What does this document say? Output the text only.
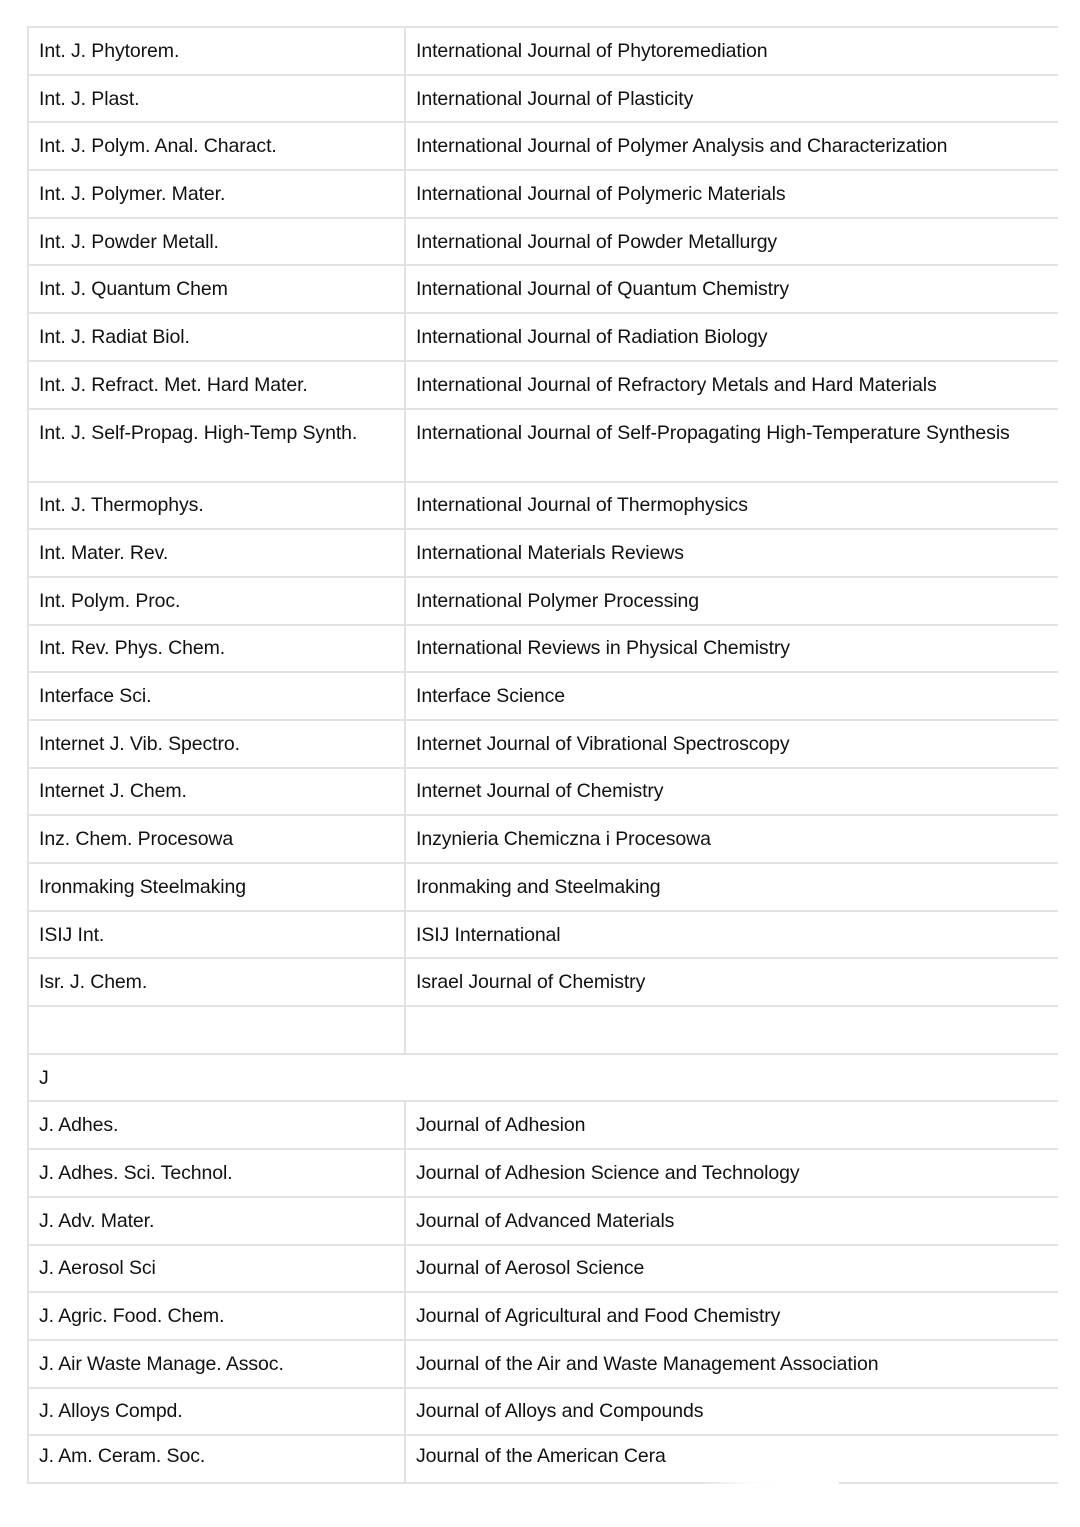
Int. J. Phytorem.	International Journal of Phytoremediation
Int. J. Plast.	International Journal of Plasticity
Int. J. Polym. Anal. Charact.	International Journal of Polymer Analysis and Characterization
Int. J. Polymer. Mater.	International Journal of Polymeric Materials
Int. J. Powder Metall.	International Journal of Powder Metallurgy
Int. J. Quantum Chem	International Journal of Quantum Chemistry
Int. J. Radiat Biol.	International Journal of Radiation Biology
Int. J. Refract. Met. Hard Mater.	International Journal of Refractory Metals and Hard Materials
Int. J. Self-Propag. High-Temp Synth.	International Journal of Self-Propagating High-Temperature Synthesis
Int. J. Thermophys.	International Journal of Thermophysics
Int. Mater. Rev.	International Materials Reviews
Int. Polym. Proc.	International Polymer Processing
Int. Rev. Phys. Chem.	International Reviews in Physical Chemistry
Interface Sci.	Interface Science
Internet J. Vib. Spectro.	Internet Journal of Vibrational Spectroscopy
Internet J. Chem.	Internet Journal of Chemistry
Inz. Chem. Procesowa	Inzynieria Chemiczna i Procesowa
Ironmaking Steelmaking	Ironmaking and Steelmaking
ISIJ Int.	ISIJ International
Isr. J. Chem.	Israel Journal of Chemistry

J	
J. Adhes.	Journal of Adhesion
J. Adhes. Sci. Technol.	Journal of Adhesion Science and Technology
J. Adv. Mater.	Journal of Advanced Materials
J. Aerosol Sci	Journal of Aerosol Science
J. Agric. Food. Chem.	Journal of Agricultural and Food Chemistry
J. Air Waste Manage. Assoc.	Journal of the Air and Waste Management Association
J. Alloys Compd.	Journal of Alloys and Compounds
J. Am. Ceram. Soc.	Journal of the American Cera
